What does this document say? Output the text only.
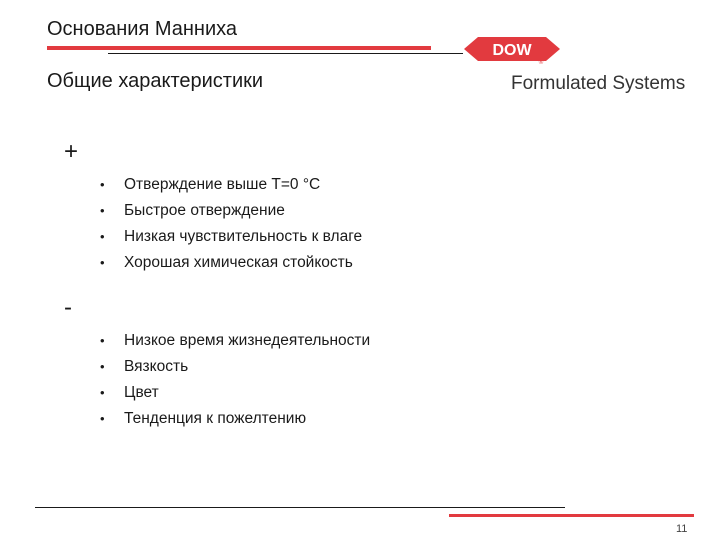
Основания Манниха
Общие характеристики
DOW
®
Formulated Systems
+
• Отверждение выше T=0 °C
• Быстрое отверждение
• Низкая чувствительность к влаге
• Хорошая химическая стойкость
-
• Низкое время жизнедеятельности
• Вязкость
• Цвет
• Тенденция к пожелтению
11
